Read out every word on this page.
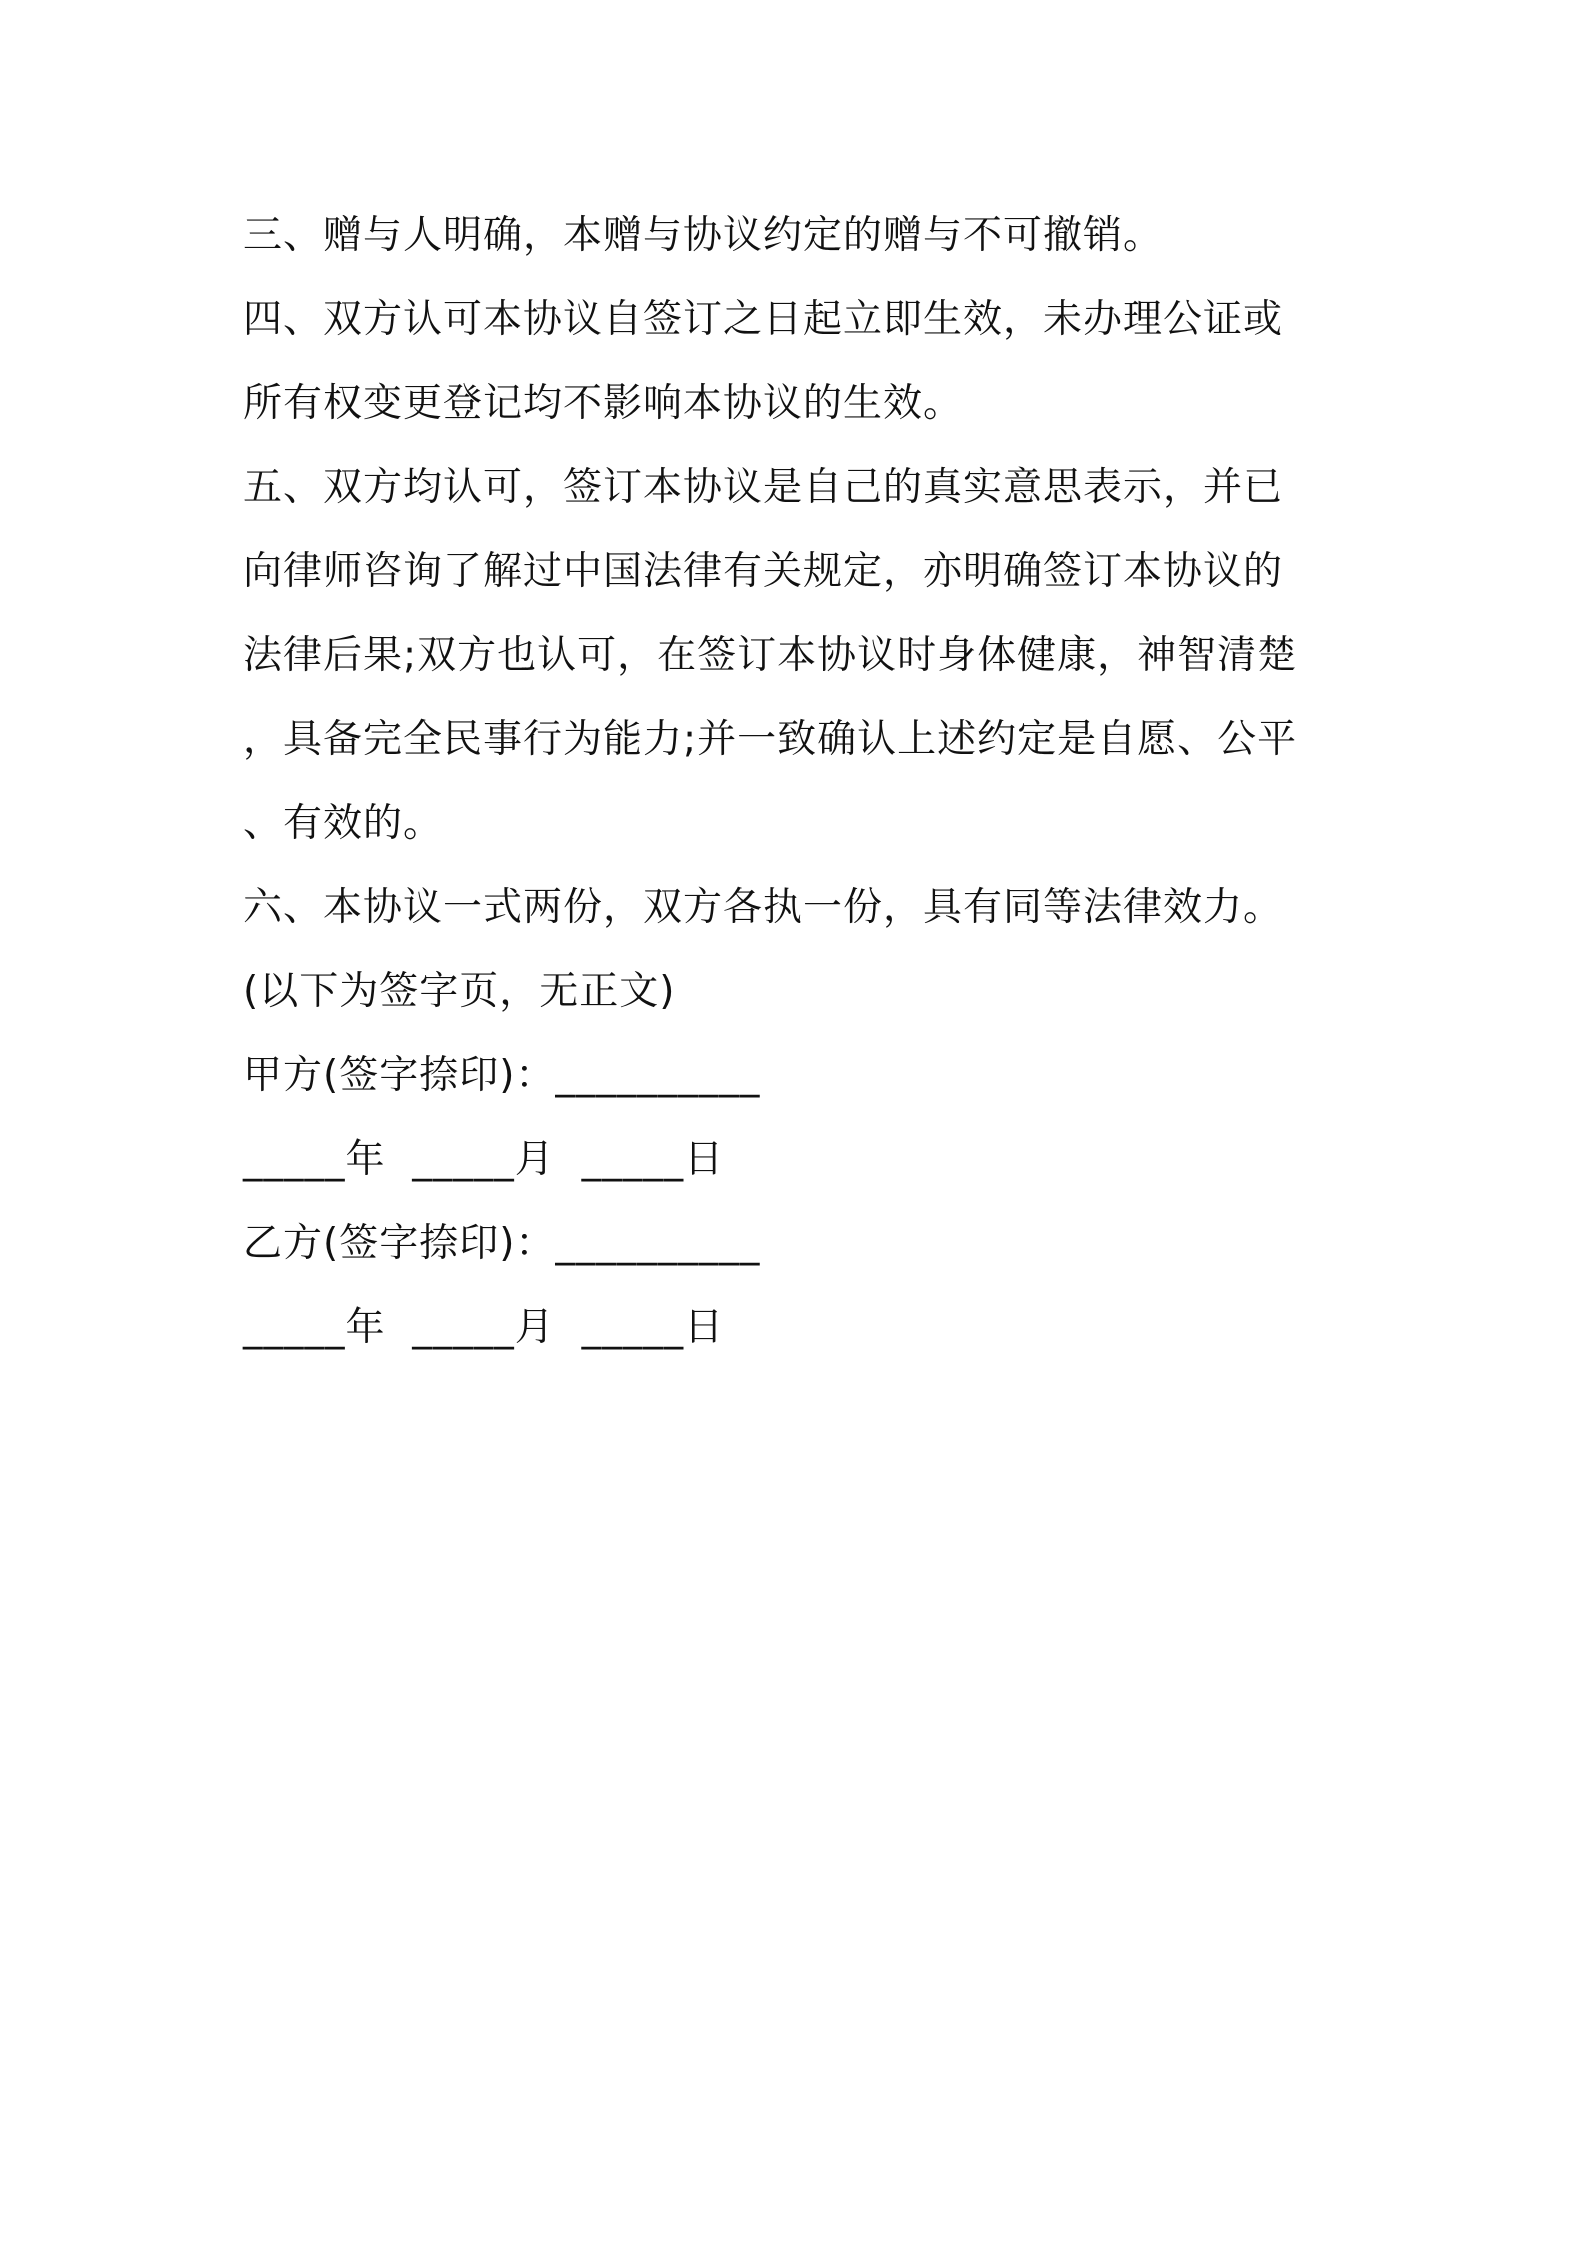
三、赠与人明确，本赠与协议约定的赠与不可撤销。
四、双方认可本协议自签订之日起立即生效，未办理公证或
所有权变更登记均不影响本协议的生效。
五、双方均认可，签订本协议是自己的真实意思表示，并已
向律师咨询了解过中国法律有关规定，亦明确签订本协议的
法律后果;双方也认可，在签订本协议时身体健康，神智清楚
，具备完全民事行为能力;并一致确认上述约定是自愿、公平
、有效的。
六、本协议一式两份，双方各执一份，具有同等法律效力。
(以下为签字页，无正文)
甲方(签字捺印)：__________
_____年  _____月  _____日
乙方(签字捺印)：__________
_____年  _____月  _____日
